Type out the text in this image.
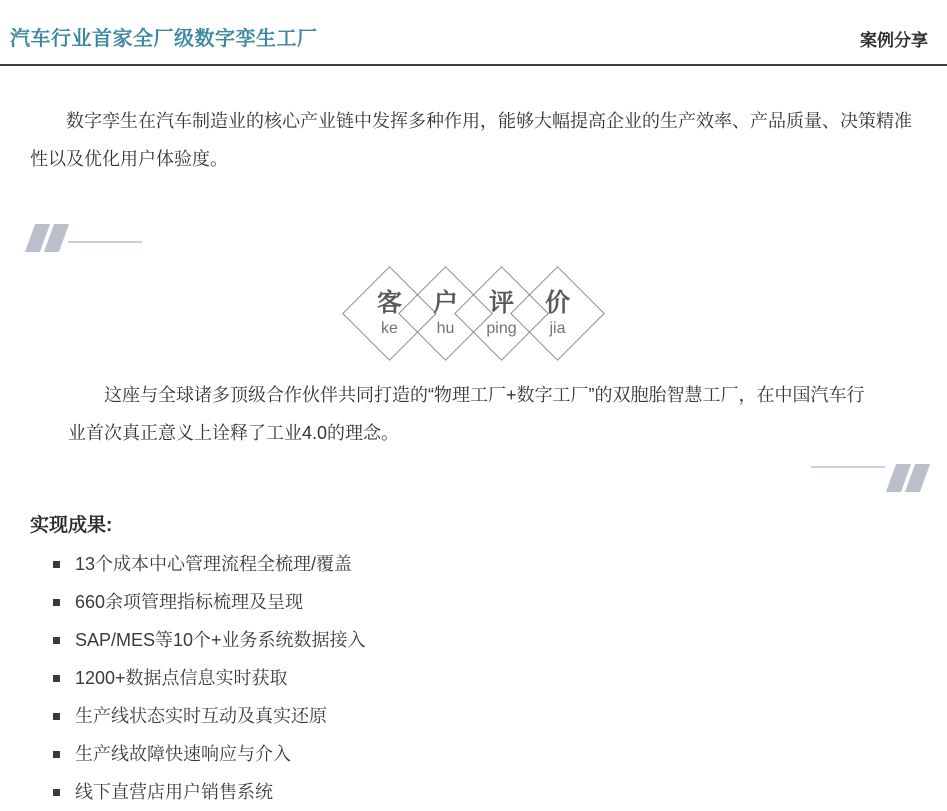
汽车行业首家全厂级数字孪生工厂	案例分享

数字孪生在汽车制造业的核心产业链中发挥多种作用，能够大幅提高企业的生产效率、产品质量、决策精准性以及优化用户体验度。

客
ke
户
hu
评
ping
价
jia

这座与全球诸多顶级合作伙伴共同打造的“物理工厂+数字工厂”的双胞胎智慧工厂，在中国汽车行业首次真正意义上诠释了工业4.0的理念。

实现成果:
13个成本中心管理流程全梳理/覆盖
660余项管理指标梳理及呈现
SAP/MES等10个+业务系统数据接入
1200+数据点信息实时获取
生产线状态实时互动及真实还原
生产线故障快速响应与介入
线下直营店用户销售系统
